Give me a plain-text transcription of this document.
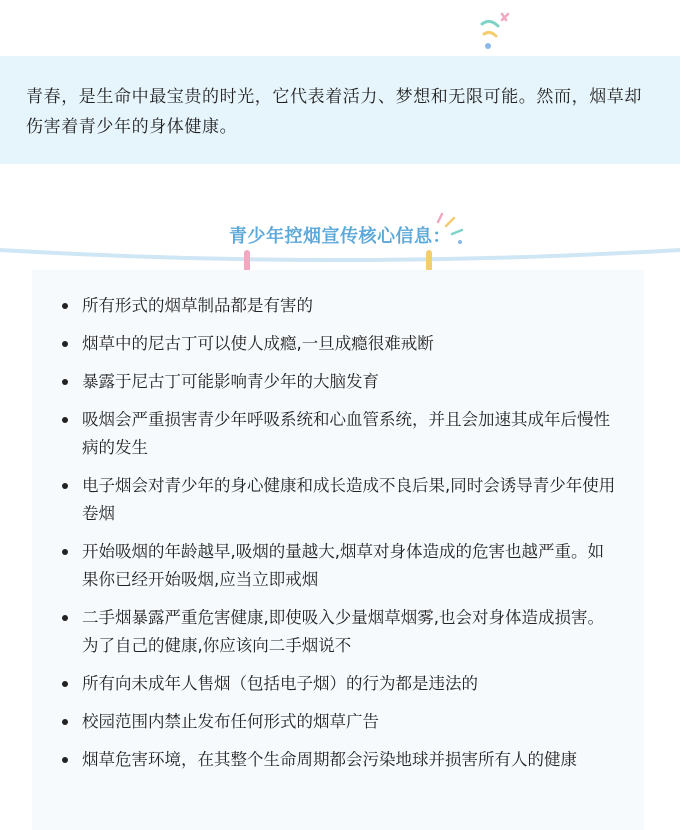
青春，是生命中最宝贵的时光，它代表着活力、梦想和无限可能。然而，烟草却伤害着青少年的身体健康。

青少年控烟宣传核心信息：
所有形式的烟草制品都是有害的
烟草中的尼古丁可以使人成瘾,一旦成瘾很难戒断
暴露于尼古丁可能影响青少年的大脑发育
吸烟会严重损害青少年呼吸系统和心血管系统，并且会加速其成年后慢性病的发生
电子烟会对青少年的身心健康和成长造成不良后果,同时会诱导青少年使用卷烟
开始吸烟的年龄越早,吸烟的量越大,烟草对身体造成的危害也越严重。如果你已经开始吸烟,应当立即戒烟
二手烟暴露严重危害健康,即使吸入少量烟草烟雾,也会对身体造成损害。为了自己的健康,你应该向二手烟说不
所有向未成年人售烟（包括电子烟）的行为都是违法的
校园范围内禁止发布任何形式的烟草广告
烟草危害环境，在其整个生命周期都会污染地球并损害所有人的健康
